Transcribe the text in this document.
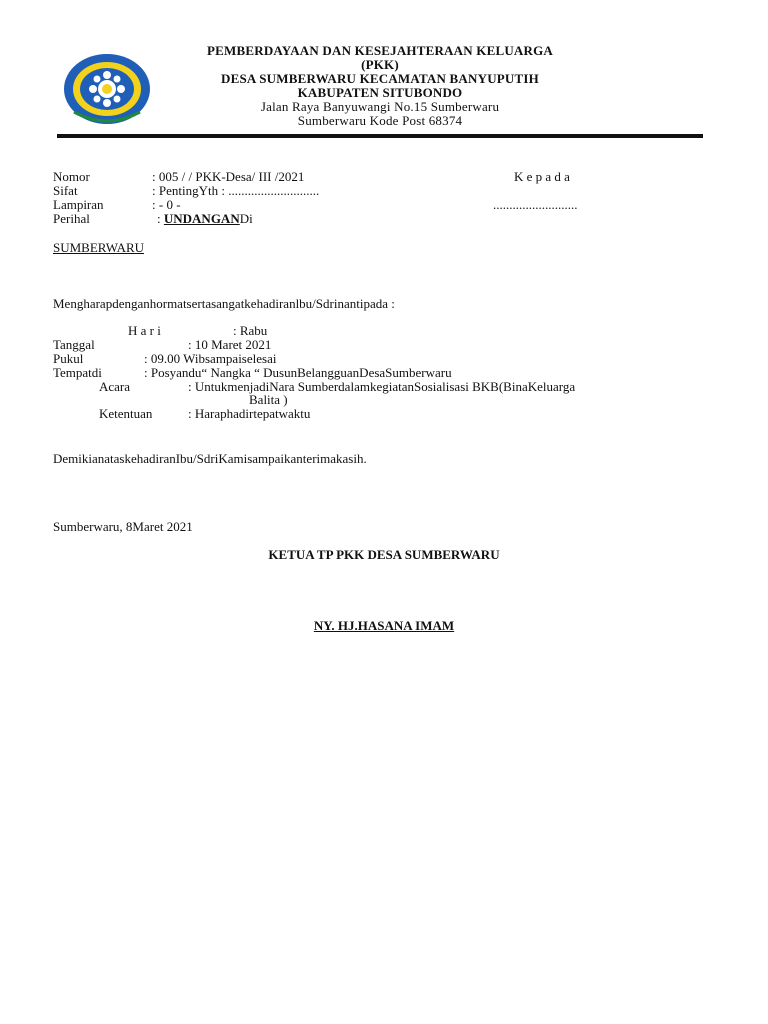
PEMBERDAYAAN DAN KESEJAHTERAAN KELUARGA
(PKK)
DESA SUMBERWARU KECAMATAN BANYUPUTIH
KABUPATEN SITUBONDO
Jalan Raya Banyuwangi No.15 Sumberwaru
Sumberwaru Kode Post 68374
Nomor	: 005 / / PKK-Desa/ III /2021	K e p a d a
Sifat	: PentingYth : ............................
Lampiran	: - 0 -	..........................
Perihal	: UNDANGANDi
SUMBERWARU
Mengharapdenganhormatsertasangatkehadiranlbu/Sdrinantipada :
H a r i	: Rabu
Tanggal	: 10 Maret 2021
Pukul	: 09.00 Wibsampaiselesai
Tempatdi	: Posyandu“ Nangka “ DusunBelangguanDesaSumberwaru
Acara	: UntukmenjadiNara SumberdalamkegiatanSosialisasi BKB(BinaKeluarga
Balita )
Ketentuan	: Haraphadirtepatwaktu
DemikianataskehadiranIbu/SdriKamisampaikanterimakasih.
Sumberwaru, 8Maret 2021
KETUA TP PKK DESA SUMBERWARU
NY. HJ.HASANA IMAM
